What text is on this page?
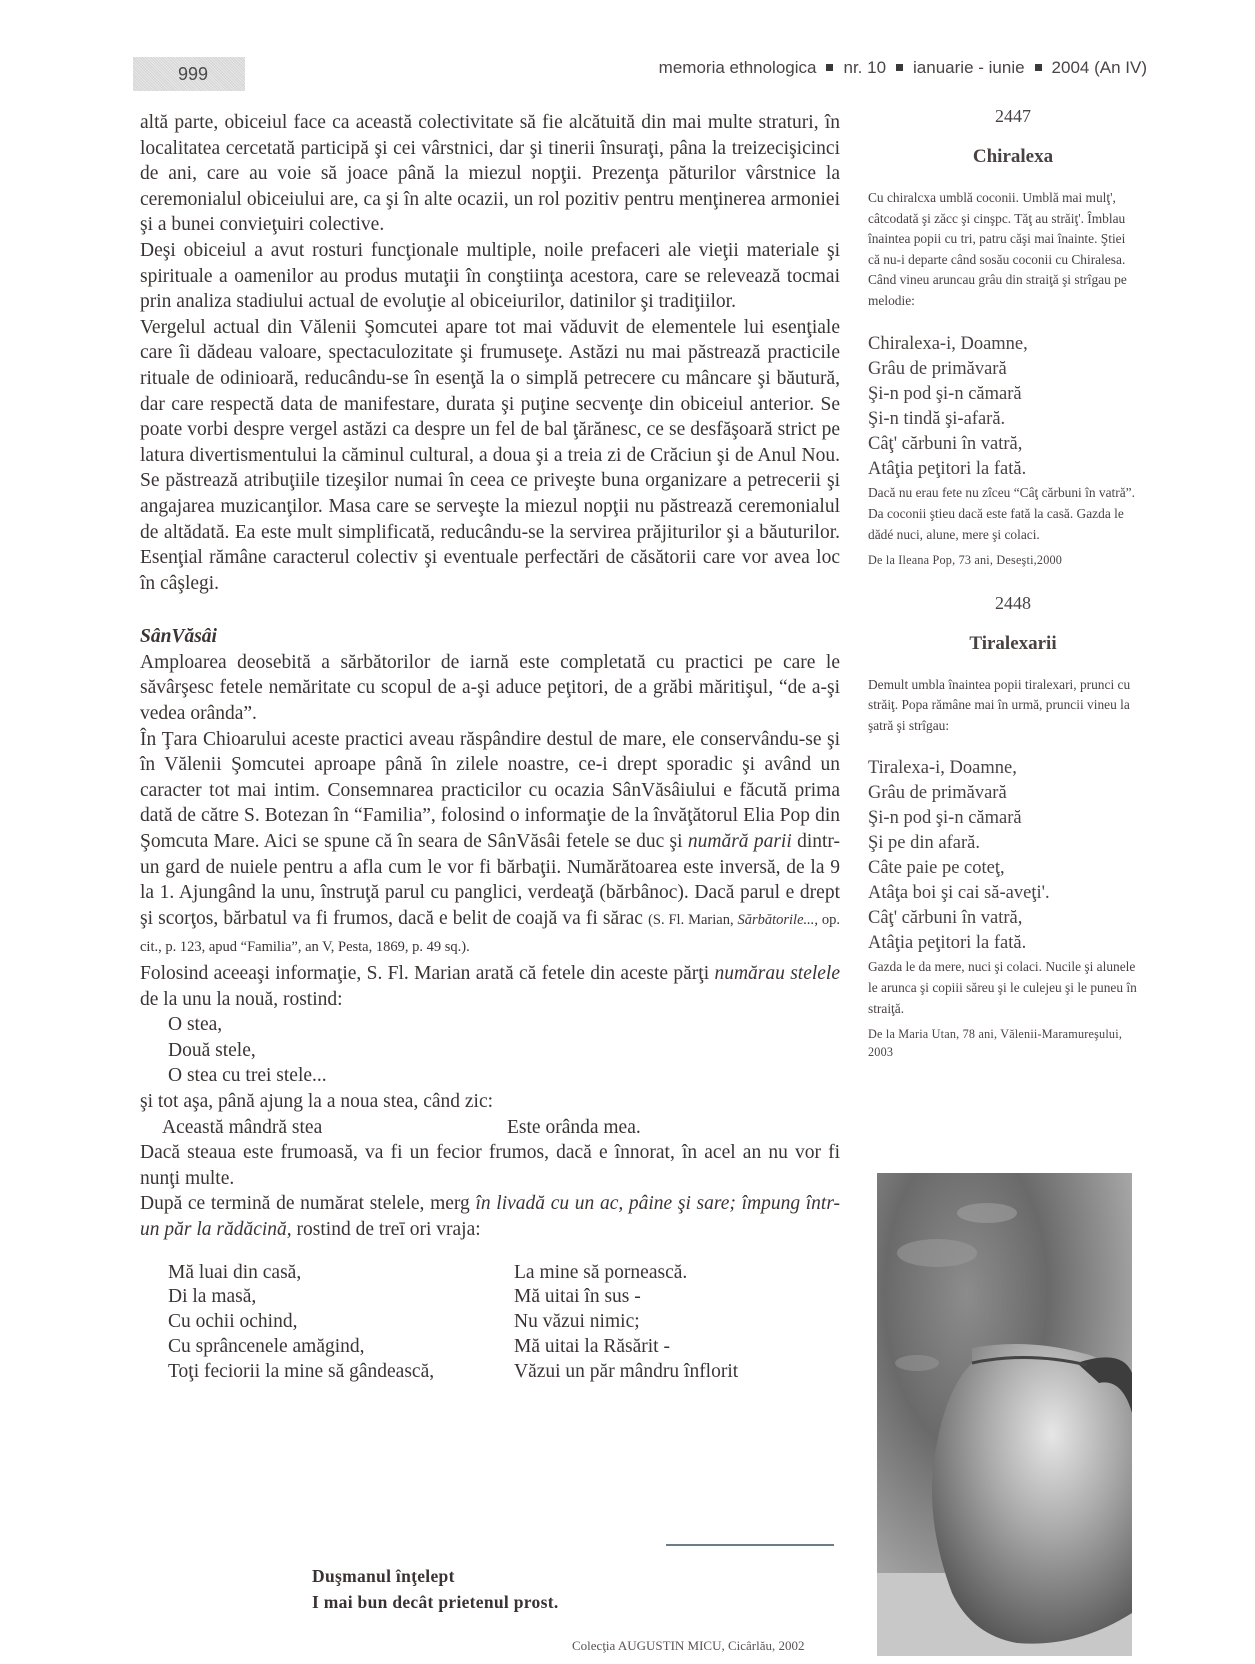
999	memoria ethnologica nr. 10 ianuarie - iunie 2004 (An IV)

altă parte, obiceiul face ca această colectivitate să fie alcătuită din mai multe straturi, în localitatea cercetată participă şi cei vârstnici, dar şi tinerii însuraţi, pâna la treizecişicinci de ani, care au voie să joace până la miezul nopţii. Prezenţa păturilor vârstnice la ceremonialul obiceiului are, ca şi în alte ocazii, un rol pozitiv pentru menţinerea armoniei şi a bunei convieţuiri colective.

Deşi obiceiul a avut rosturi funcţionale multiple, noile prefaceri ale vieţii materiale şi spirituale a oamenilor au produs mutaţii în conştiinţa acestora, care se relevează tocmai prin analiza stadiului actual de evoluţie al obiceiurilor, datinilor şi tradiţiilor.

Vergelul actual din Vălenii Şomcutei apare tot mai văduvit de elementele lui esenţiale care îi dădeau valoare, spectaculozitate şi frumuseţe. Astăzi nu mai păstrează practicile rituale de odinioară, reducându-se în esenţă la o simplă petrecere cu mâncare şi băutură, dar care respectă data de manifestare, durata şi puţine secvenţe din obiceiul anterior. Se poate vorbi despre vergel astăzi ca despre un fel de bal ţărănesc, ce se desfăşoară strict pe latura divertismentului la căminul cultural, a doua şi a treia zi de Crăciun şi de Anul Nou. Se păstrează atribuţiile tizeşilor numai în ceea ce priveşte buna organizare a petrecerii şi angajarea muzicanţilor. Masa care se serveşte la miezul nopţii nu păstrează ceremonialul de altădată. Ea este mult simplificată, reducându-se la servirea prăjiturilor şi a băuturilor. Esenţial rămâne caracterul colectiv şi eventuale perfectări de căsătorii care vor avea loc în câşlegi.

SânVăsâi

Amploarea deosebită a sărbătorilor de iarnă este completată cu practici pe care le săvârşesc fetele nemăritate cu scopul de a-şi aduce peţitori, de a grăbi măritişul, “de a-şi vedea orânda”.

În Ţara Chioarului aceste practici aveau răspândire destul de mare, ele conservându-se şi în Vălenii Şomcutei aproape până în zilele noastre, ce-i drept sporadic şi având un caracter tot mai intim. Consemnarea practicilor cu ocazia SânVăsâiului e făcută prima dată de către S. Botezan în “Familia”, folosind o informaţie de la învăţătorul Elia Pop din Şomcuta Mare. Aici se spune că în seara de SânVăsâi fetele se duc şi numără parii dintr-un gard de nuiele pentru a afla cum le vor fi bărbaţii. Numărătoarea este inversă, de la 9 la 1. Ajungând la unu, înstruţă parul cu panglici, verdeaţă (bărbânoc). Dacă parul e drept şi scorţos, bărbatul va fi frumos, dacă e belit de coajă va fi sărac (S. Fl. Marian, Sărbătorile..., op. cit., p. 123, apud “Familia”, an V, Pesta, 1869, p. 49 sq.).

Folosind aceeaşi informaţie, S. Fl. Marian arată că fetele din aceste părţi numărau stelele de la unu la nouă, rostind:

O stea,
Două stele,
O stea cu trei stele...

şi tot aşa, până ajung la a noua stea, când zic:

Această mândră stea	Este orânda mea.

Dacă steaua este frumoasă, va fi un fecior frumos, dacă e înnorat, în acel an nu vor fi nunţi multe.

După ce termină de numărat stelele, merg în livadă cu un ac, pâine şi sare; împung într-un păr la rădăcină, rostind de treī ori vraja:

Mă luai din casă,
Di la masă,
Cu ochii ochind,
Cu sprâncenele amăgind,
Toţi feciorii la mine să gândească,
La mine să pornească.
Mă uitai în sus -
Nu văzui nimic;
Mă uitai la Răsărit -
Văzui un păr mândru înflorit
Duşmanul înţelept
I mai bun decât prietenul prost.
Colecţia AUGUSTIN MICU, Cicârlău, 2002
2447
Chiralexa
Cu chiralcxa umblă coconii. Umblă mai mulţ', câtcodată şi zăcc şi cinşpc. Tăţ au străiţ'. Îmblau înaintea popii cu tri, patru căşi mai înainte. Ştiei că nu-i departe când sosău coconii cu Chiralesa. Când vineu aruncau grâu din straiţă şi strîgau pe melodie:
Chiralexa-i, Doamne,
Grâu de primăvară
Şi-n pod şi-n cămară
Şi-n tindă şi-afară.
Câţ' cărbuni în vatră,
Atâţia peţitori la fată.
Dacă nu erau fete nu zîceu “Câţ cărbuni în vatră”. Da coconii ştieu dacă este fată la casă. Gazda le dădé nuci, alune, mere şi colaci.
De la Ileana Pop, 73 ani, Deseşti,2000
2448
Tiralexarii
Demult umbla înaintea popii tiralexari, prunci cu străiţ. Popa rămâne mai în urmă, pruncii vineu la şatră şi strîgau:
Tiralexa-i, Doamne,
Grâu de primăvară
Şi-n pod şi-n cămară
Şi pe din afară.
Câte paie pe coteţ,
Atâţa boi şi cai să-aveţi'.
Câţ' cărbuni în vatră,
Atâţia peţitori la fată.
Gazda le da mere, nuci şi colaci. Nucile şi alunele le arunca şi copiii săreu şi le culejeu şi le puneu în straiţă.
De la Maria Utan, 78 ani, Vălenii-Maramureşului, 2003
